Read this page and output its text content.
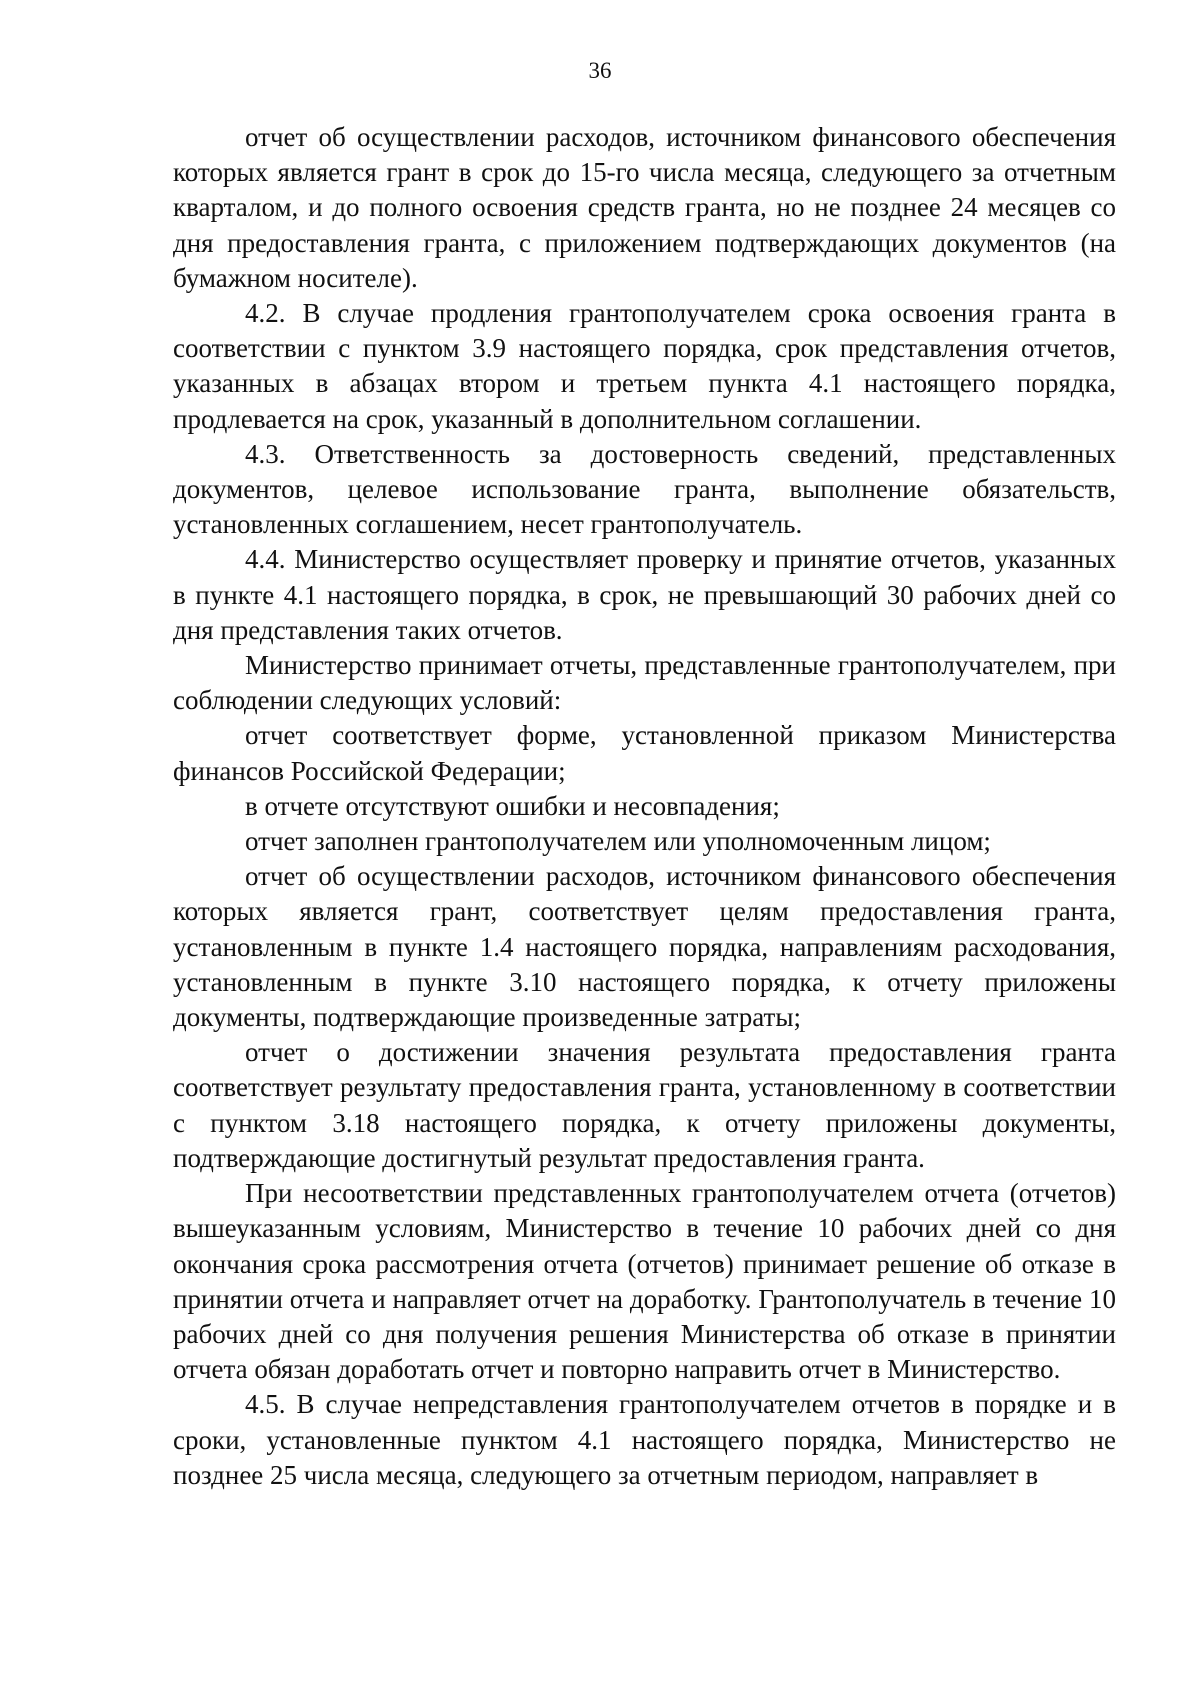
36

отчет об осуществлении расходов, источником финансового обеспечения которых является грант в срок до 15-го числа месяца, следующего за отчетным кварталом, и до полного освоения средств гранта, но не позднее 24 месяцев со дня предоставления гранта, с приложением подтверждающих документов (на бумажном носителе).

4.2. В случае продления грантополучателем срока освоения гранта в соответствии с пунктом 3.9 настоящего порядка, срок представления отчетов, указанных в абзацах втором и третьем пункта 4.1 настоящего порядка, продлевается на срок, указанный в дополнительном соглашении.

4.3. Ответственность за достоверность сведений, представленных документов, целевое использование гранта, выполнение обязательств, установленных соглашением, несет грантополучатель.

4.4. Министерство осуществляет проверку и принятие отчетов, указанных в пункте 4.1 настоящего порядка, в срок, не превышающий 30 рабочих дней со дня представления таких отчетов.

Министерство принимает отчеты, представленные грантополучателем, при соблюдении следующих условий:

отчет соответствует форме, установленной приказом Министерства финансов Российской Федерации;

в отчете отсутствуют ошибки и несовпадения;

отчет заполнен грантополучателем или уполномоченным лицом;

отчет об осуществлении расходов, источником финансового обеспечения которых является грант, соответствует целям предоставления гранта, установленным в пункте 1.4 настоящего порядка, направлениям расходования, установленным в пункте 3.10 настоящего порядка, к отчету приложены документы, подтверждающие произведенные затраты;

отчет о достижении значения результата предоставления гранта соответствует результату предоставления гранта, установленному в соответствии с пунктом 3.18 настоящего порядка, к отчету приложены документы, подтверждающие достигнутый результат предоставления гранта.

При несоответствии представленных грантополучателем отчета (отчетов) вышеуказанным условиям, Министерство в течение 10 рабочих дней со дня окончания срока рассмотрения отчета (отчетов) принимает решение об отказе в принятии отчета и направляет отчет на доработку. Грантополучатель в течение 10 рабочих дней со дня получения решения Министерства об отказе в принятии отчета обязан доработать отчет и повторно направить отчет в Министерство.

4.5. В случае непредставления грантополучателем отчетов в порядке и в сроки, установленные пунктом 4.1 настоящего порядка, Министерство не позднее 25 числа месяца, следующего за отчетным периодом, направляет в
